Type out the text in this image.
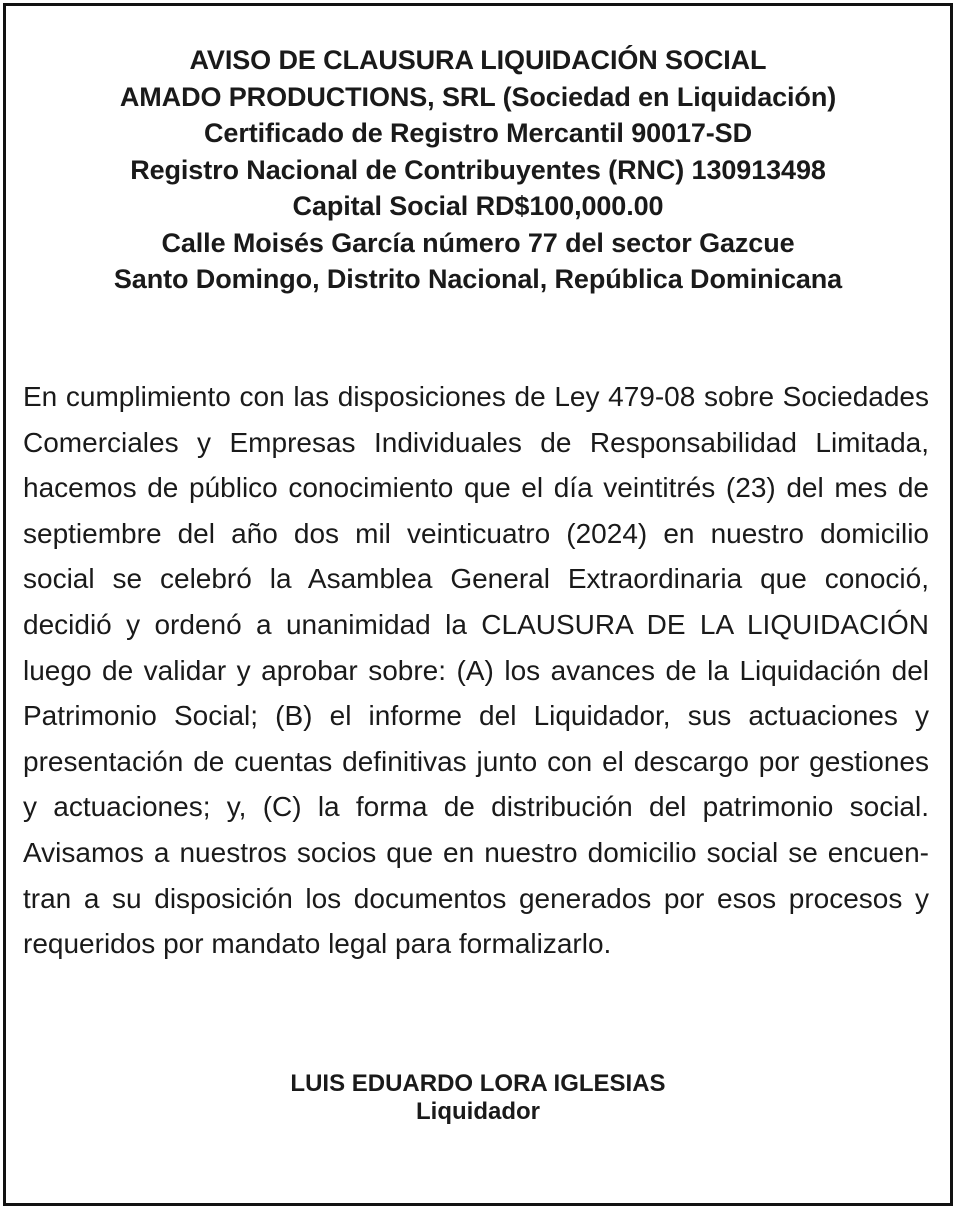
AVISO DE CLAUSURA LIQUIDACIÓN SOCIAL
AMADO PRODUCTIONS, SRL (Sociedad en Liquidación)
Certificado de Registro Mercantil 90017-SD
Registro Nacional de Contribuyentes (RNC) 130913498
Capital Social RD$100,000.00
Calle Moisés García número 77 del sector Gazcue
Santo Domingo, Distrito Nacional, República Dominicana

En cumplimiento con las disposiciones de Ley 479-08 sobre Sociedades Comerciales y Empresas Individuales de Responsabilidad Limitada, hacemos de público conocimiento que el día veintitrés (23) del mes de septiembre del año dos mil veinticuatro (2024) en nuestro domicilio social se celebró la Asamblea General Extraordinaria que conoció, decidió y ordenó a unanimidad la CLAUSURA DE LA LIQUIDACIÓN luego de validar y aprobar sobre: (A) los avances de la Liquidación del Patrimonio Social; (B) el informe del Liquidador, sus actuaciones y presentación de cuentas definitivas junto con el descargo por gestiones y actuaciones; y, (C) la forma de distribución del patrimonio social. Avisamos a nuestros socios que en nuestro domicilio social se encuen-tran a su disposición los documentos generados por esos procesos y requeridos por mandato legal para formalizarlo.

LUIS EDUARDO LORA IGLESIAS
Liquidador
